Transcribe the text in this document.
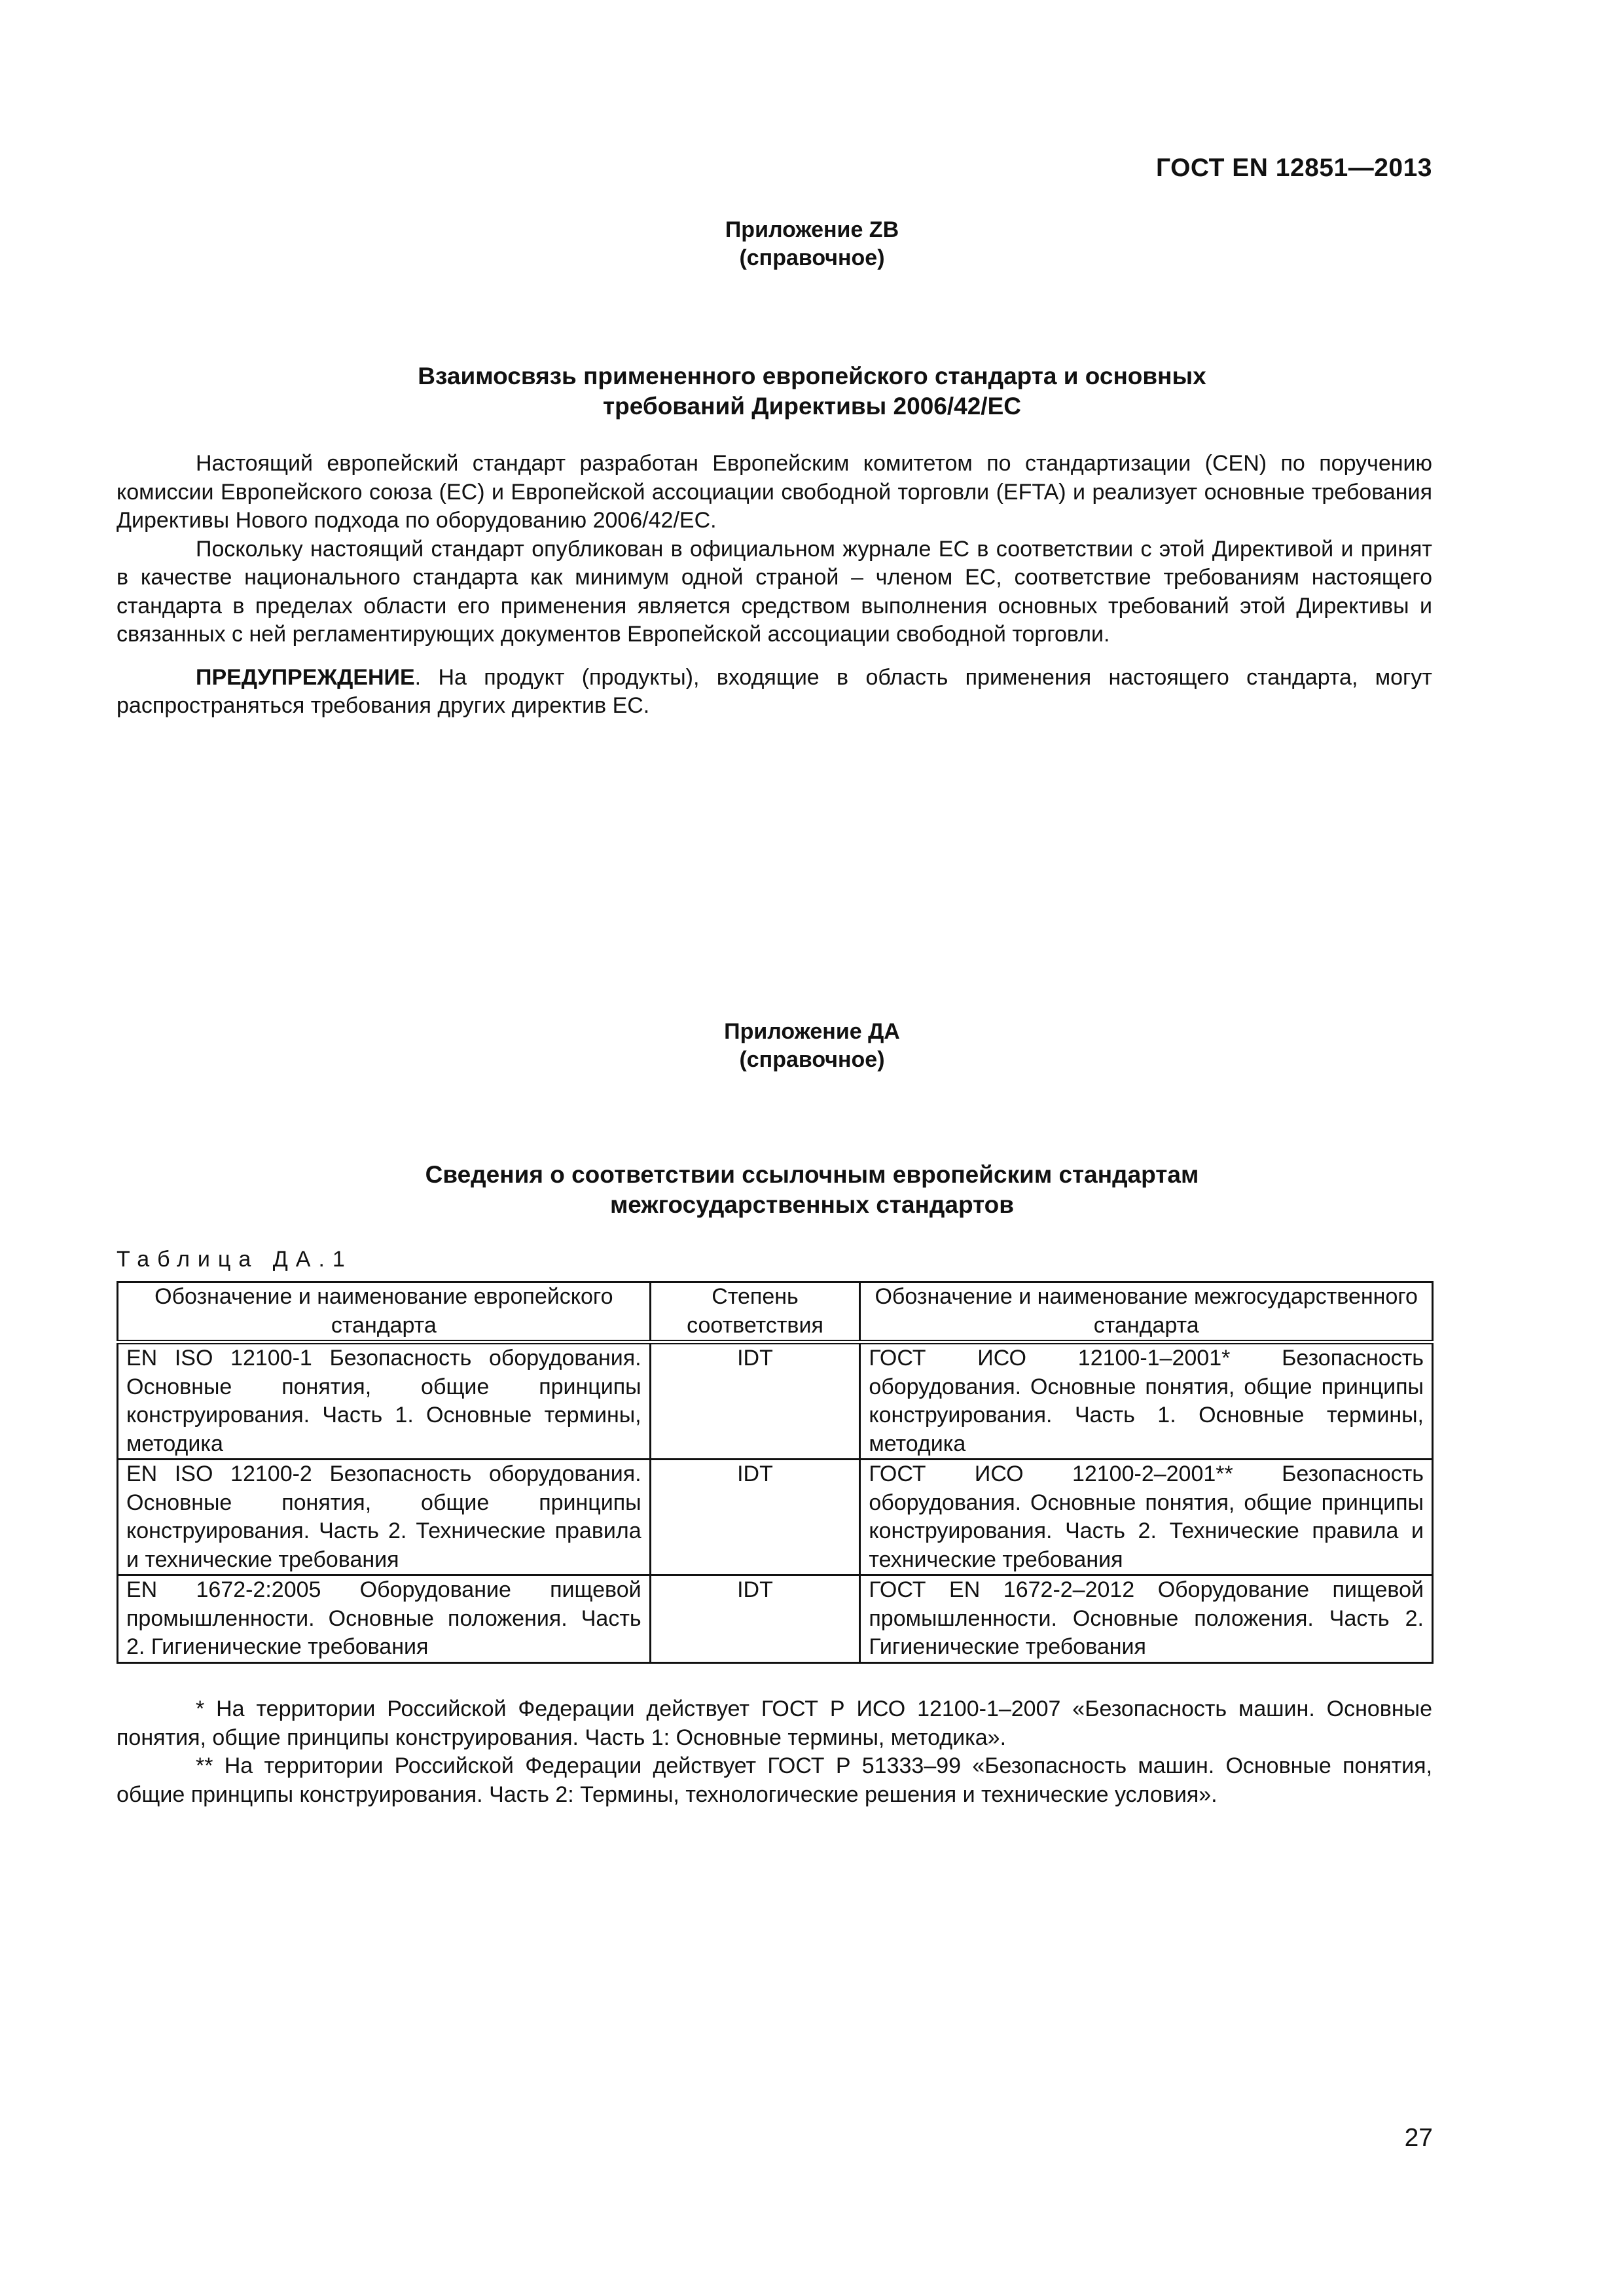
ГОСТ EN 12851—2013
Приложение ZB
(справочное)
Взаимосвязь примененного европейского стандарта и основных
требований Директивы 2006/42/ЕС

Настоящий европейский стандарт разработан Европейским комитетом по стандартизации (CEN) по поручению комиссии Европейского союза (ЕС) и Европейской ассоциации свободной торговли (EFTA) и реализует основные требования Директивы Нового подхода по оборудованию 2006/42/ЕС.

Поскольку настоящий стандарт опубликован в официальном журнале ЕС в соответствии с этой Директивой и принят в качестве национального стандарта как минимум одной страной – членом ЕС, соответствие требованиям настоящего стандарта в пределах области его применения является средством выполнения основных требований этой Директивы и связанных с ней регламентирующих документов Европейской ассоциации свободной торговли.

ПРЕДУПРЕЖДЕНИЕ. На продукт (продукты), входящие в область применения настоящего стандарта, могут распространяться требования других директив ЕС.

Приложение ДА
(справочное)
Сведения о соответствии ссылочным европейским стандартам
межгосударственных стандартов
Таблица ДА.1
Обозначение и наименование европейского стандарта	Степень соответствия	Обозначение и наименование межгосударственного стандарта
EN ISO 12100-1 Безопасность оборудования. Основные понятия, общие принципы конструирования. Часть 1. Основные термины, методика	IDT	ГОСТ ИСО 12100-1–2001* Безопасность оборудования. Основные понятия, общие принципы конструирования. Часть 1. Основные термины, методика
EN ISO 12100-2 Безопасность оборудования. Основные понятия, общие принципы конструирования. Часть 2. Технические правила и технические требования	IDT	ГОСТ ИСО 12100-2–2001** Безопасность оборудования. Основные понятия, общие принципы конструирования. Часть 2. Технические правила и технические требования
EN 1672-2:2005 Оборудование пищевой промышленности. Основные положения. Часть 2. Гигиенические требования	IDT	ГОСТ EN 1672-2–2012 Оборудование пищевой промышленности. Основные положения. Часть 2. Гигиенические требования

* На территории Российской Федерации действует ГОСТ Р ИСО 12100-1–2007 «Безопасность машин. Основные понятия, общие принципы конструирования. Часть 1: Основные термины, методика».

** На территории Российской Федерации действует ГОСТ Р 51333–99 «Безопасность машин. Основные понятия, общие принципы конструирования. Часть 2: Термины, технологические решения и технические условия».

27
